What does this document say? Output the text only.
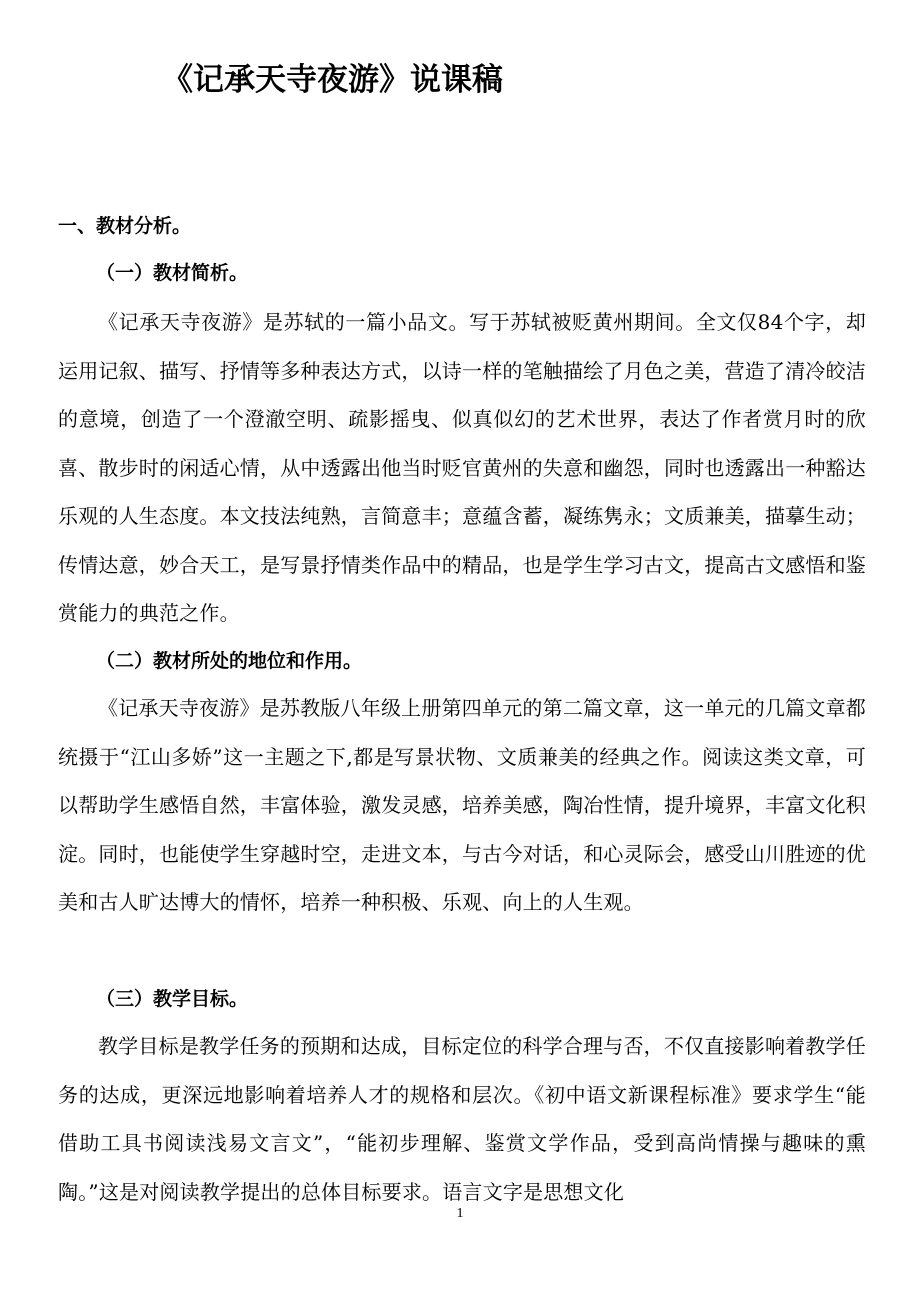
《记承天寺夜游》说课稿
一、教材分析。
（一）教材简析。

《记承天寺夜游》是苏轼的一篇小品文。写于苏轼被贬黄州期间。全文仅84个字，却运用记叙、描写、抒情等多种表达方式，以诗一样的笔触描绘了月色之美，营造了清冷皎洁的意境，创造了一个澄澈空明、疏影摇曳、似真似幻的艺术世界，表达了作者赏月时的欣喜、散步时的闲适心情，从中透露出他当时贬官黄州的失意和幽怨，同时也透露出一种豁达乐观的人生态度。本文技法纯熟，言简意丰；意蕴含蓄，凝练隽永；文质兼美，描摹生动；传情达意，妙合天工，是写景抒情类作品中的精品，也是学生学习古文，提高古文感悟和鉴赏能力的典范之作。

（二）教材所处的地位和作用。

《记承天寺夜游》是苏教版八年级上册第四单元的第二篇文章，这一单元的几篇文章都统摄于“江山多娇”这一主题之下,都是写景状物、文质兼美的经典之作。阅读这类文章，可以帮助学生感悟自然，丰富体验，激发灵感，培养美感，陶冶性情，提升境界，丰富文化积淀。同时，也能使学生穿越时空，走进文本，与古今对话，和心灵际会，感受山川胜迹的优美和古人旷达博大的情怀，培养一种积极、乐观、向上的人生观。

（三）教学目标。

教学目标是教学任务的预期和达成，目标定位的科学合理与否，不仅直接影响着教学任务的达成，更深远地影响着培养人才的规格和层次。《初中语文新课程标准》要求学生“能借助工具书阅读浅易文言文”，“能初步理解、鉴赏文学作品，受到高尚情操与趣味的熏陶。”这是对阅读教学提出的总体目标要求。语言文字是思想文化

1
